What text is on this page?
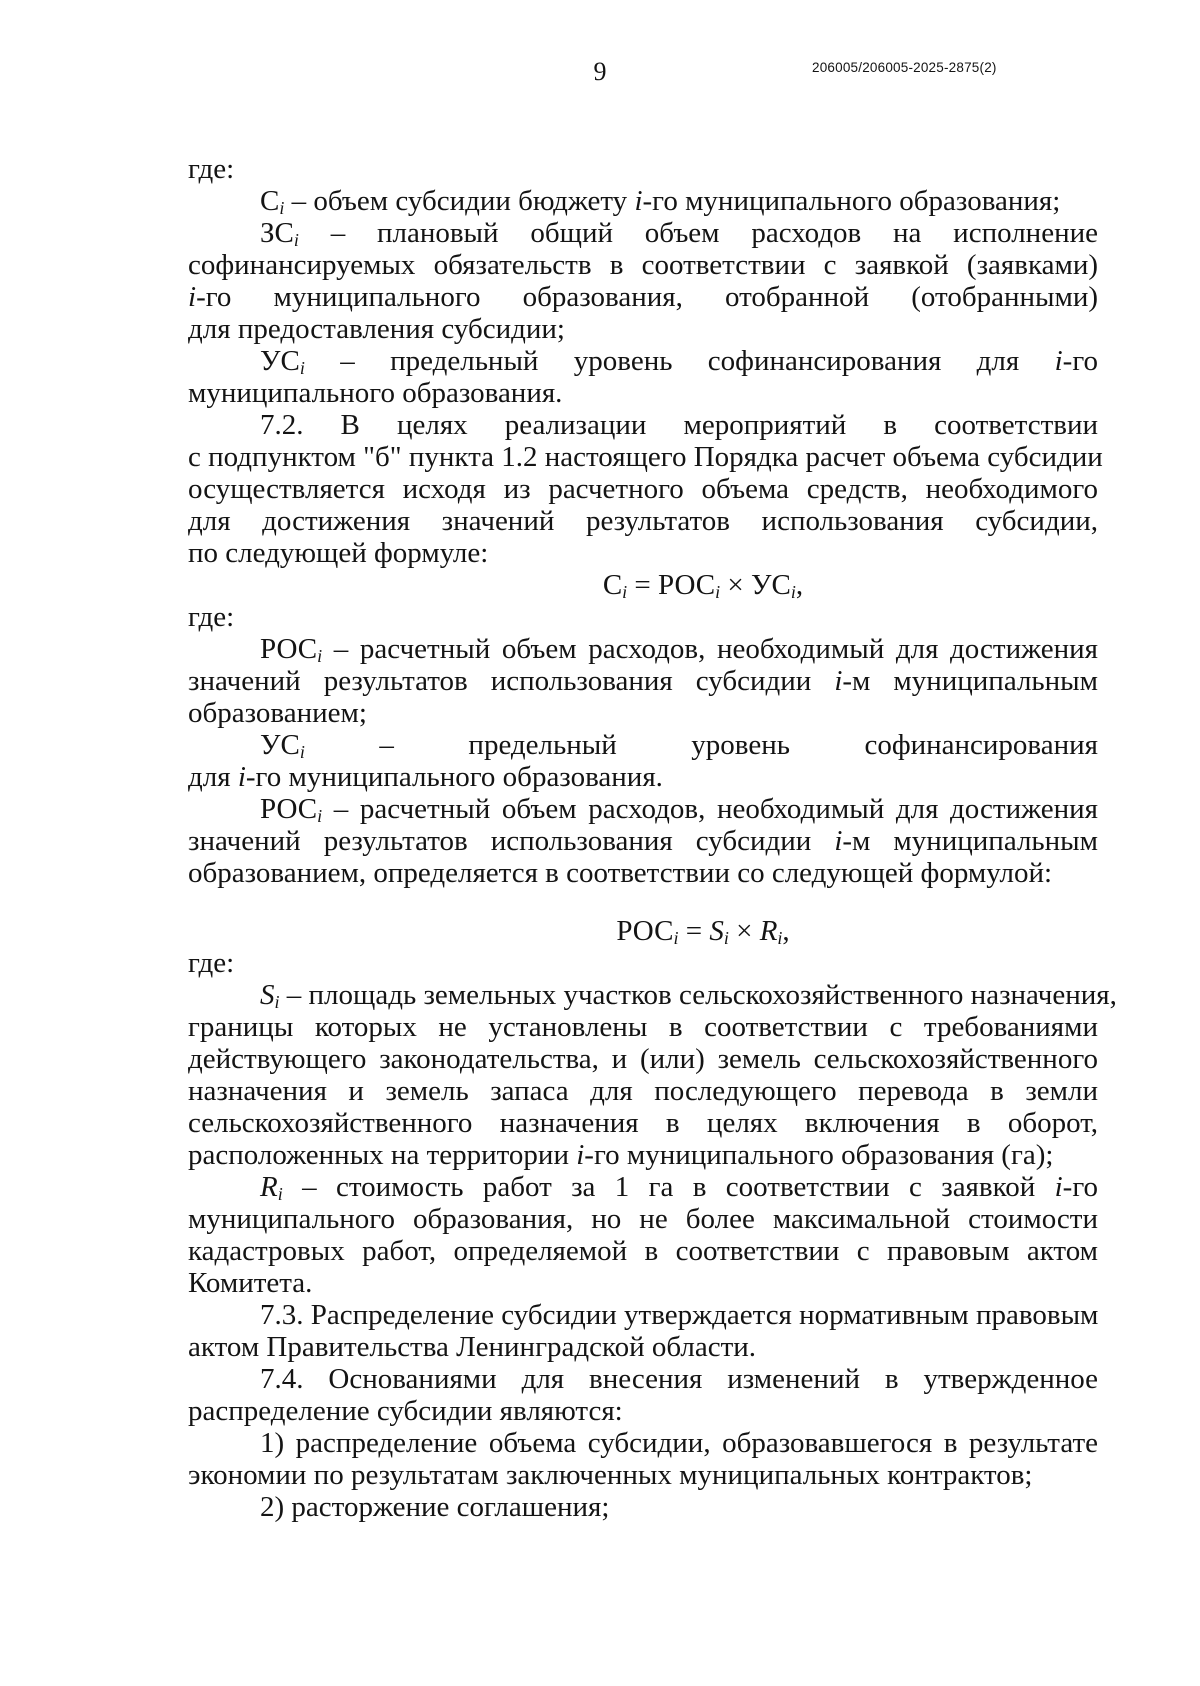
9	206005/206005-2025-2875(2)

где:

$С_i$ – объем субсидии бюджету i-го муниципального образования;

$ЗС_i$ – плановый общий объем расходов на исполнение

софинансируемых обязательств в соответствии с заявкой (заявками)

i-го муниципального образования, отобранной (отобранными)

для предоставления субсидии;

$УС_i$ – предельный уровень софинансирования для i-го

муниципального образования.

7.2. В целях реализации мероприятий в соответствии

с подпунктом "б" пункта 1.2 настоящего Порядка расчет объема субсидии

осуществляется исходя из расчетного объема средств, необходимого

для достижения значений результатов использования субсидии,

по следующей формуле:

$С_i = РОС_i \times УС_i$,

где:

$РОС_i$ – расчетный объем расходов, необходимый для достижения

значений результатов использования субсидии i-м муниципальным

образованием;

$УС_i$ – предельный уровень софинансирования

для i-го муниципального образования.

$РОС_i$ – расчетный объем расходов, необходимый для достижения

значений результатов использования субсидии i-м муниципальным

образованием, определяется в соответствии со следующей формулой:

$РОС_i = S_i \times R_i$,

где:

$S_i$ – площадь земельных участков сельскохозяйственного назначения,

границы которых не установлены в соответствии с требованиями

действующего законодательства, и (или) земель сельскохозяйственного

назначения и земель запаса для последующего перевода в земли

сельскохозяйственного назначения в целях включения в оборот,

расположенных на территории i-го муниципального образования (га);

$R_i$ – стоимость работ за 1 га в соответствии с заявкой i-го

муниципального образования, но не более максимальной стоимости

кадастровых работ, определяемой в соответствии с правовым актом

Комитета.

7.3. Распределение субсидии утверждается нормативным правовым

актом Правительства Ленинградской области.

7.4. Основаниями для внесения изменений в утвержденное

распределение субсидии являются:

1) распределение объема субсидии, образовавшегося в результате

экономии по результатам заключенных муниципальных контрактов;

2) расторжение соглашения;
